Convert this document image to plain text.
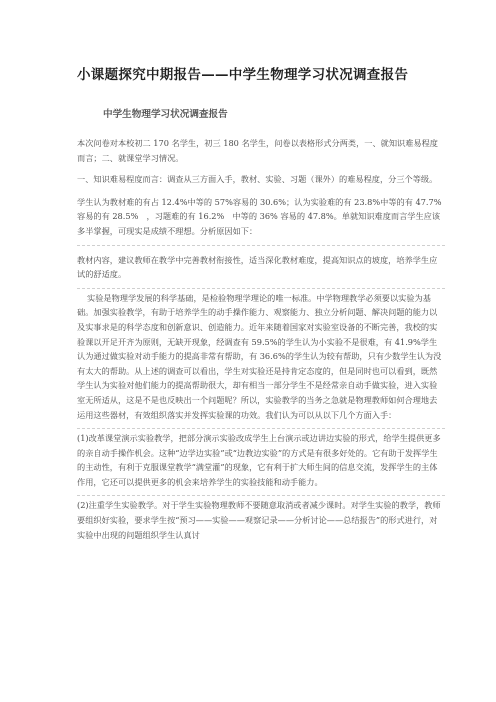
小课题探究中期报告——中学生物理学习状况调查报告
中学生物理学习状况调查报告

本次问卷对本校初二 170 名学生，初三 180 名学生，问卷以表格形式分两类，一、就知识难易程度而言；二、就课堂学习情况。

一、知识难易程度而言：调查从三方面入手，教材、实验、习题（课外）的难易程度，分三个等级。

学生认为教材难的有占 12.4%中等的 57%容易的 30.6%；认为实验难的有 23.8%中等的有 47.7%容易的有 28.5%　，习题难的有 16.2%　中等的 36% 容易的 47.8%。单就知识难度而言学生应该多半掌握，可现实是成绩不理想。分析原因如下：

教材内容，建议教师在教学中完善教材衔接性，适当深化教材难度，提高知识点的坡度，培养学生应试的舒适度。

实验是物理学发展的科学基础，是检验物理学理论的唯一标准。中学物理教学必须要以实验为基础。加强实验教学，有助于培养学生的动手操作能力、观察能力、独立分析问题、解决问题的能力以及实事求是的科学态度和创新意识、创造能力。近年来随着国家对实验室设备的不断完善，我校的实验课以开足开齐为原则，无缺开现象，经调查有 59.5%的学生认为小实验不是很难，有 41.9%学生认为通过做实验对动手能力的提高非常有帮助，有 36.6%的学生认为较有帮助，只有少数学生认为没有太大的帮助。从上述的调查可以看出，学生对实验还是持肯定态度的，但是同时也可以看到，既然学生认为实验对他们能力的提高帮助很大，却有相当一部分学生不是经常亲自动手做实验，进入实验室无所适从，这是不是也反映出一个问题呢？所以，实验教学的当务之急就是物理教师如何合理地去运用这些器材，有效组织落实并发挥实验课的功效。我们认为可以从以下几个方面入手：

(1)改革课堂演示实验教学，把部分演示实验改成学生上台演示或边讲边实验的形式，给学生提供更多的亲自动手操作机会。这种“边学边实验”或“边教边实验”的方式是有很多好处的。它有助于发挥学生的主动性，有利于克服课堂教学“满堂灌”的现象，它有利于扩大师生间的信息交流，发挥学生的主体作用，它还可以提供更多的机会来培养学生的实验技能和动手能力。

(2)注重学生实验教学。对于学生实验物理教师不要随意取消或者减少课时。对学生实验的教学，教师要组织好实验，要求学生按“预习——实验——观察记录——分析讨论——总结报告”的形式进行，对实验中出现的问题组织学生认真讨
